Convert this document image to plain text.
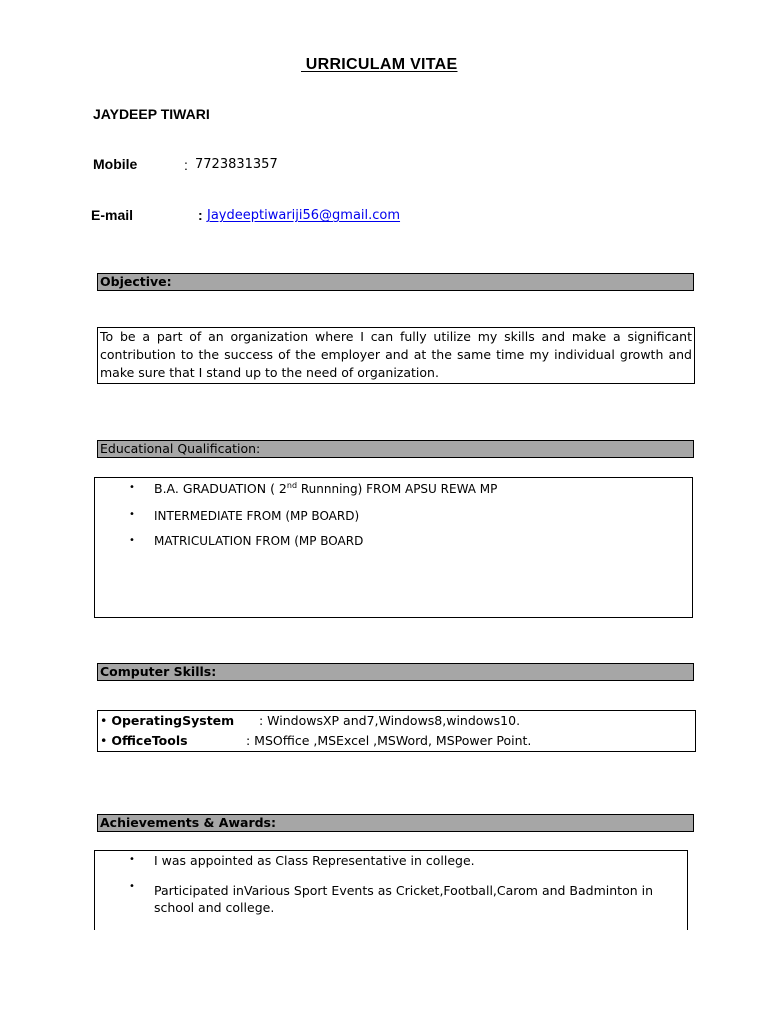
URRICULAM VITAE
JAYDEEP TIWARI
Mobile	: 7723831357
E-mail	: Jaydeeptiwariji56@gmail.com
Objective:
To be a part of an organization where I can fully utilize my skills and make a significant contribution to the success of the employer and at the same time my individual growth and make sure that I stand up to the need of organization.
Educational Qualification:
• B.A. GRADUATION ( 2nd Runnning) FROM APSU REWA MP
• INTERMEDIATE FROM (MP BOARD)
• MATRICULATION FROM (MP BOARD
Computer Skills:
• OperatingSystem : WindowsXP and7,Windows8,windows10.
• OfficeTools	: MSOffice ,MSExcel ,MSWord, MSPower Point.
Achievements & Awards:
• I was appointed as Class Representative in college.
• Participated inVarious Sport Events as Cricket,Football,Carom and Badminton in school and college.
